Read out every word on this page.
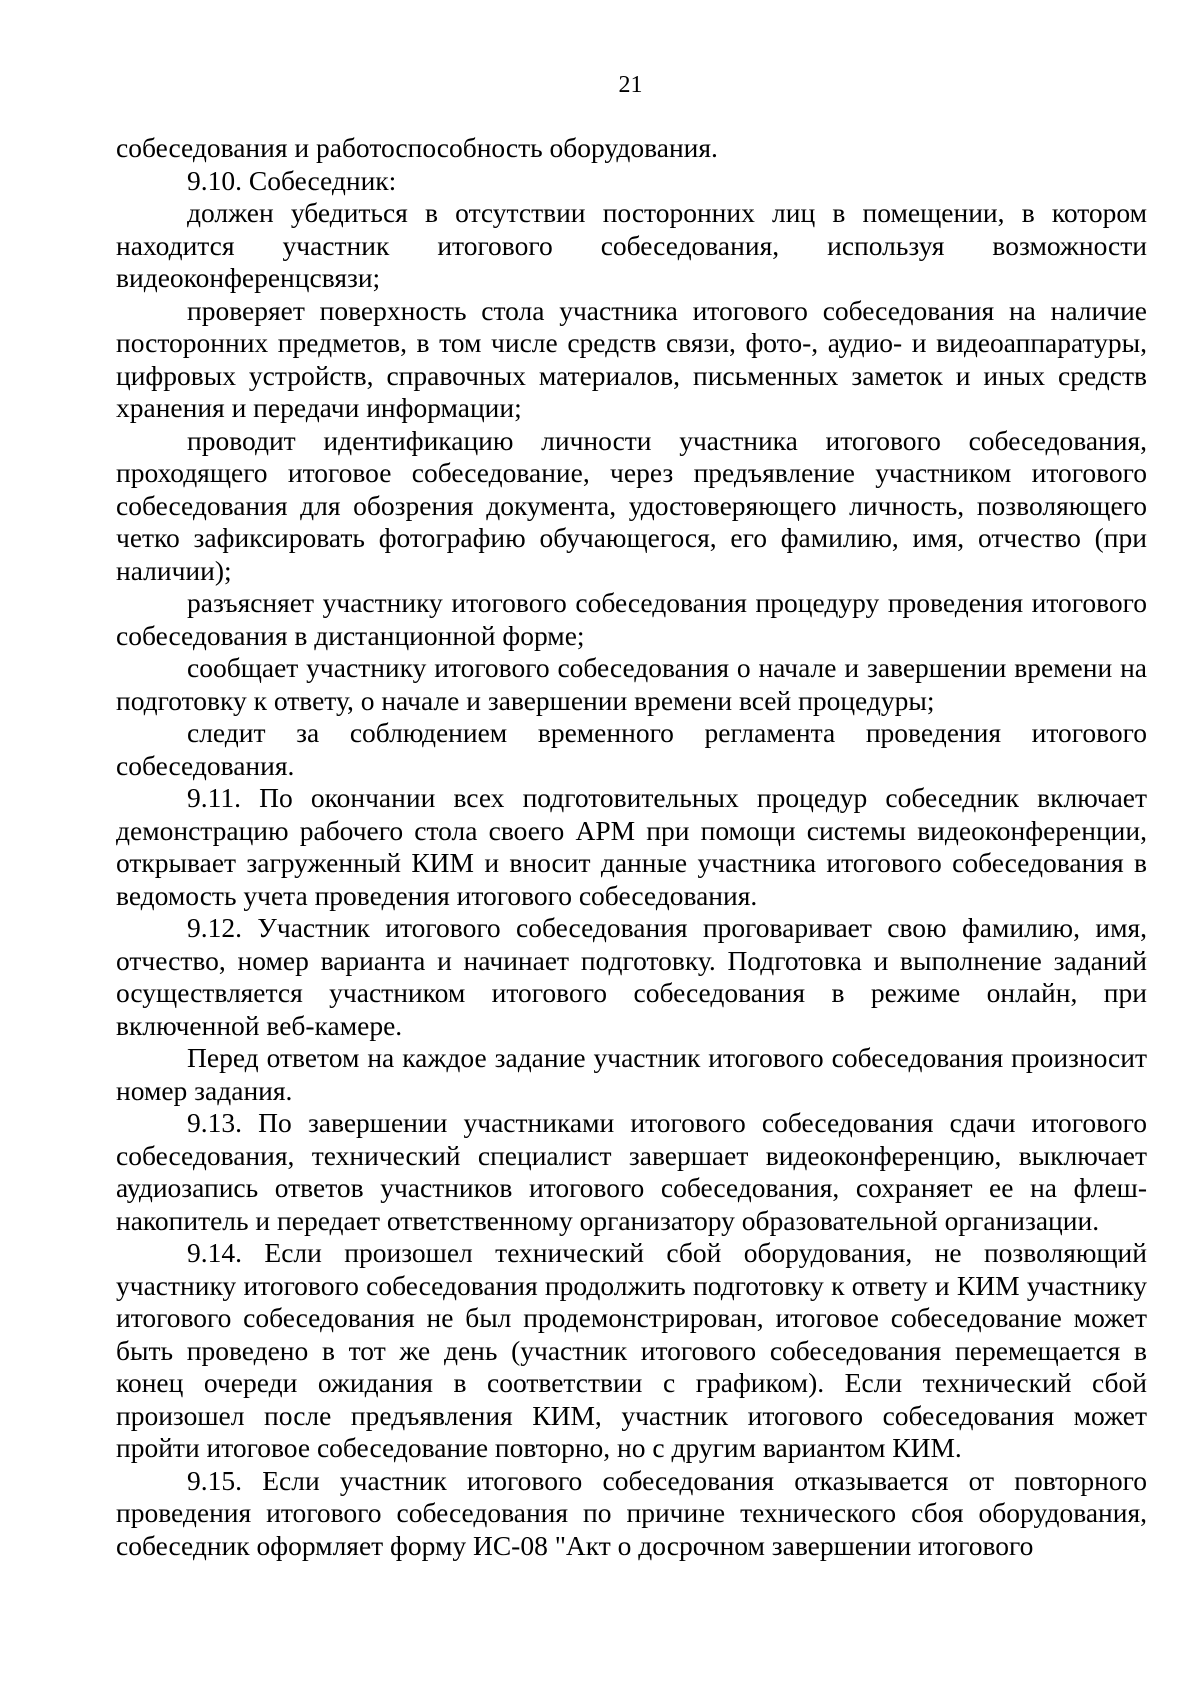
21

собеседования и работоспособность оборудования.

9.10. Собеседник:

должен убедиться в отсутствии посторонних лиц в помещении, в котором находится участник итогового собеседования, используя возможности видеоконференцсвязи;

проверяет поверхность стола участника итогового собеседования на наличие посторонних предметов, в том числе средств связи, фото-, аудио- и видеоаппаратуры, цифровых устройств, справочных материалов, письменных заметок и иных средств хранения и передачи информации;

проводит идентификацию личности участника итогового собеседования, проходящего итоговое собеседование, через предъявление участником итогового собеседования для обозрения документа, удостоверяющего личность, позволяющего четко зафиксировать фотографию обучающегося, его фамилию, имя, отчество (при наличии);

разъясняет участнику итогового собеседования процедуру проведения итогового собеседования в дистанционной форме;

сообщает участнику итогового собеседования о начале и завершении времени на подготовку к ответу, о начале и завершении времени всей процедуры;

следит за соблюдением временного регламента проведения итогового собеседования.

9.11. По окончании всех подготовительных процедур собеседник включает демонстрацию рабочего стола своего АРМ при помощи системы видеоконференции, открывает загруженный КИМ и вносит данные участника итогового собеседования в ведомость учета проведения итогового собеседования.

9.12. Участник итогового собеседования проговаривает свою фамилию, имя, отчество, номер варианта и начинает подготовку. Подготовка и выполнение заданий осуществляется участником итогового собеседования в режиме онлайн, при включенной веб-камере.

Перед ответом на каждое задание участник итогового собеседования произносит номер задания.

9.13. По завершении участниками итогового собеседования сдачи итогового собеседования, технический специалист завершает видеоконференцию, выключает аудиозапись ответов участников итогового собеседования, сохраняет ее на флеш-накопитель и передает ответственному организатору образовательной организации.

9.14. Если произошел технический сбой оборудования, не позволяющий участнику итогового собеседования продолжить подготовку к ответу и КИМ участнику итогового собеседования не был продемонстрирован, итоговое собеседование может быть проведено в тот же день (участник итогового собеседования перемещается в конец очереди ожидания в соответствии с графиком). Если технический сбой произошел после предъявления КИМ, участник итогового собеседования может пройти итоговое собеседование повторно, но с другим вариантом КИМ.

9.15. Если участник итогового собеседования отказывается от повторного проведения итогового собеседования по причине технического сбоя оборудования, собеседник оформляет форму ИС-08 "Акт о досрочном завершении итогового
